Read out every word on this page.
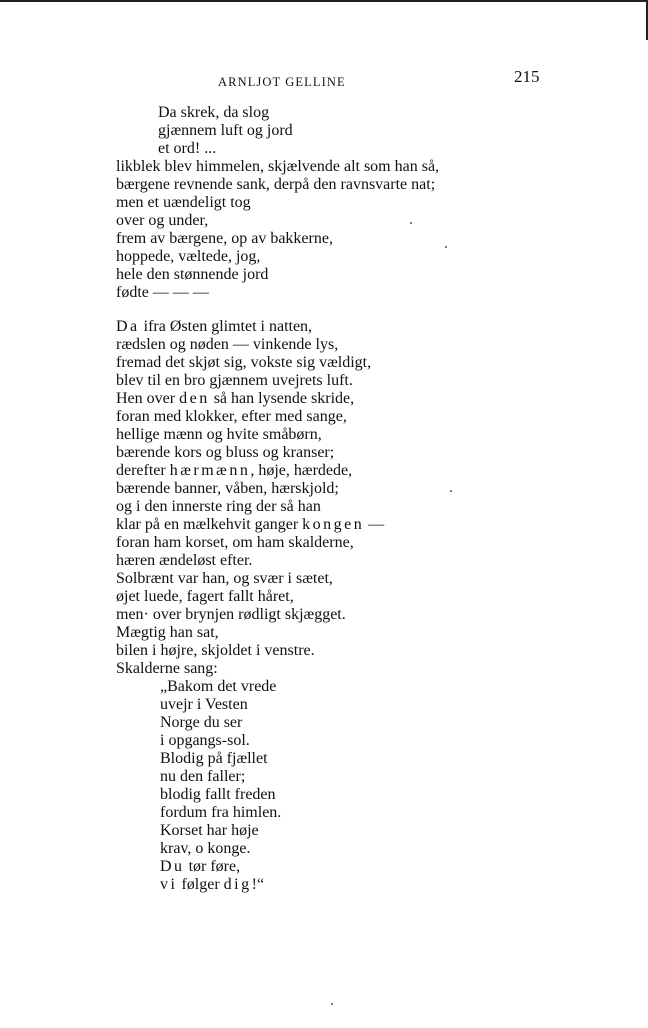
ARNLJOT GELLINE	215
Da skrek, da slog
gjænnem luft og jord
et ord! ...
likblek blev himmelen, skjælvende alt som han så,
bærgene revnende sank, derpå den ravnsvarte nat;
men et uændeligt tog
over og under,
frem av bærgene, op av bakkerne,
hoppede, væltede, jog,
hele den stønnende jord
fødte — — —
Da ifra Østen glimtet i natten,
rædslen og nøden — vinkende lys,
fremad det skjøt sig, vokste sig vældigt,
blev til en bro gjænnem uvejrets luft.
Hen over den så han lysende skride,
foran med klokker, efter med sange,
hellige mænn og hvite småbørn,
bærende kors og bluss og kranser;
derefter hærmænn, høje, hærdede,
bærende banner, våben, hærskjold;
og i den innerste ring der så han
klar på en mælkehvit ganger kongen —
foran ham korset, om ham skalderne,
hæren ændeløst efter.
Solbrænt var han, og svær i sætet,
øjet luede, fagert fallt håret,
men· over brynjen rødligt skjægget.
Mægtig han sat,
bilen i højre, skjoldet i venstre.
Skalderne sang:
„Bakom det vrede
uvejr i Vesten
Norge du ser
i opgangs-sol.
Blodig på fjællet
nu den faller;
blodig fallt freden
fordum fra himlen.
Korset har høje
krav, o konge.
Du tør føre,
vi følger dig!“
